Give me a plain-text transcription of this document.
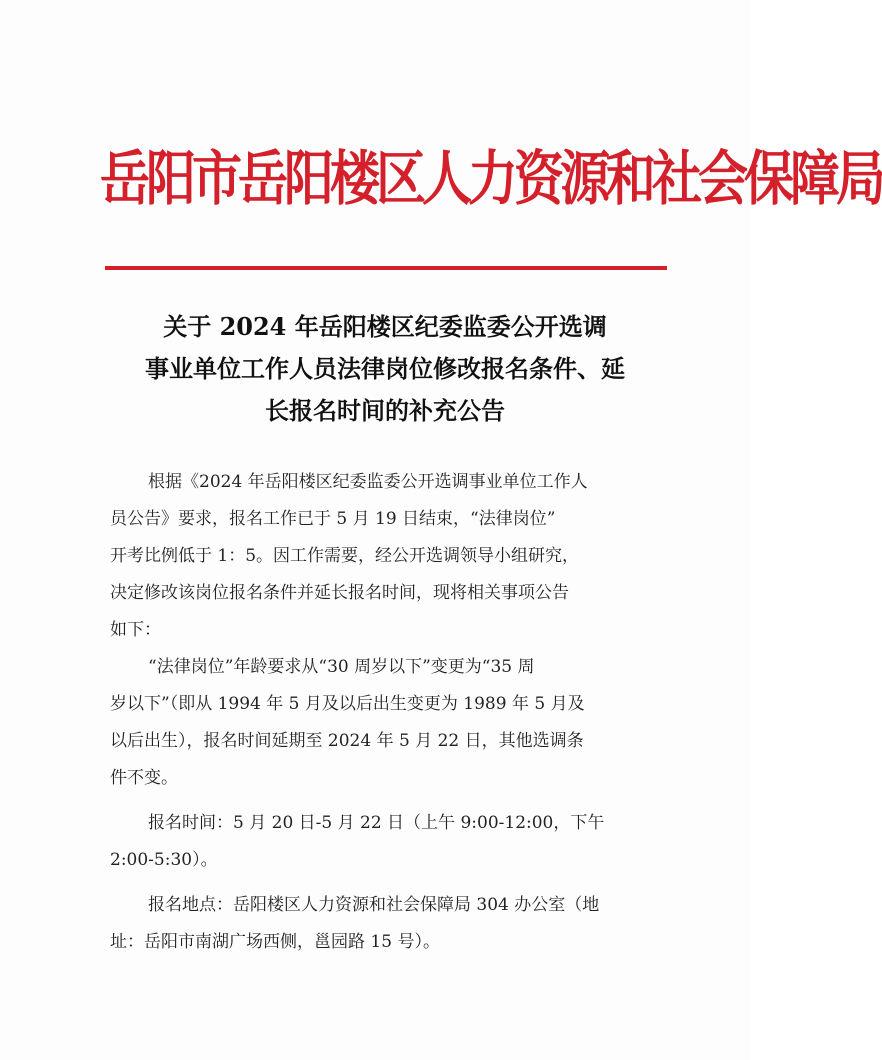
岳阳市岳阳楼区人力资源和社会保障局
关于 2024 年岳阳楼区纪委监委公开选调
事业单位工作人员法律岗位修改报名条件、延
长报名时间的补充公告

根据《2024 年岳阳楼区纪委监委公开选调事业单位工作人

员公告》要求，报名工作已于 5 月 19 日结束，“法律岗位”

开考比例低于 1：5。因工作需要，经公开选调领导小组研究，

决定修改该岗位报名条件并延长报名时间，现将相关事项公告

如下：

“法律岗位”年龄要求从“30 周岁以下”变更为“35 周

岁以下”（即从 1994 年 5 月及以后出生变更为 1989 年 5 月及

以后出生），报名时间延期至 2024 年 5 月 22 日，其他选调条

件不变。

报名时间：5 月 20 日-5 月 22 日（上午 9:00-12:00，下午

2:00-5:30）。

报名地点：岳阳楼区人力资源和社会保障局 304 办公室（地

址：岳阳市南湖广场西侧，邕园路 15 号）。
